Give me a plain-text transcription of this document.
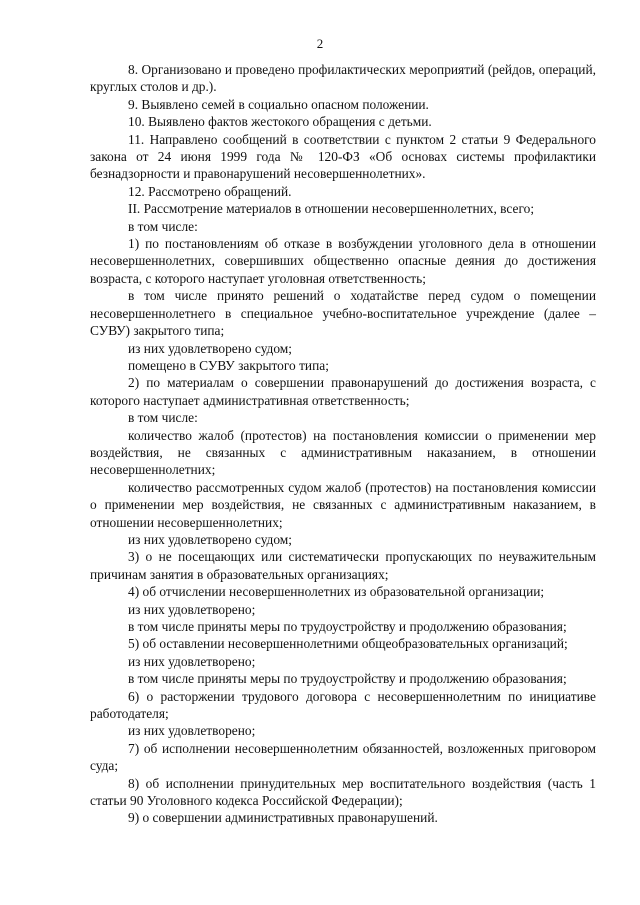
2

8. Организовано и проведено профилактических мероприятий (рейдов, операций, круглых столов и др.).

9. Выявлено семей в социально опасном положении.

10. Выявлено фактов жестокого обращения с детьми.

11. Направлено сообщений в соответствии с пунктом 2 статьи 9 Федерального закона от 24 июня 1999 года № 120-ФЗ «Об основах системы профилактики безнадзорности и правонарушений несовершеннолетних».

12. Рассмотрено обращений.

II. Рассмотрение материалов в отношении несовершеннолетних, всего;

в том числе:

1) по постановлениям об отказе в возбуждении уголовного дела в отношении несовершеннолетних, совершивших общественно опасные деяния до достижения возраста, с которого наступает уголовная ответственность;

в том числе принято решений о ходатайстве перед судом о помещении несовершеннолетнего в специальное учебно-воспитательное учреждение (далее – СУВУ) закрытого типа;

из них удовлетворено судом;

помещено в СУВУ закрытого типа;

2) по материалам о совершении правонарушений до достижения возраста, с которого наступает административная ответственность;

в том числе:

количество жалоб (протестов) на постановления комиссии о применении мер воздействия, не связанных с административным наказанием, в отношении несовершеннолетних;

количество рассмотренных судом жалоб (протестов) на постановления комиссии о применении мер воздействия, не связанных с административным наказанием, в отношении несовершеннолетних;

из них удовлетворено судом;

3) о не посещающих или систематически пропускающих по неуважительным причинам занятия в образовательных организациях;

4) об отчислении несовершеннолетних из образовательной организации;

из них удовлетворено;

в том числе приняты меры по трудоустройству и продолжению образования;

5) об оставлении несовершеннолетними общеобразовательных организаций;

из них удовлетворено;

в том числе приняты меры по трудоустройству и продолжению образования;

6) о расторжении трудового договора с несовершеннолетним по инициативе работодателя;

из них удовлетворено;

7) об исполнении несовершеннолетним обязанностей, возложенных приговором суда;

8) об исполнении принудительных мер воспитательного воздействия (часть 1 статьи 90 Уголовного кодекса Российской Федерации);

9) о совершении административных правонарушений.
